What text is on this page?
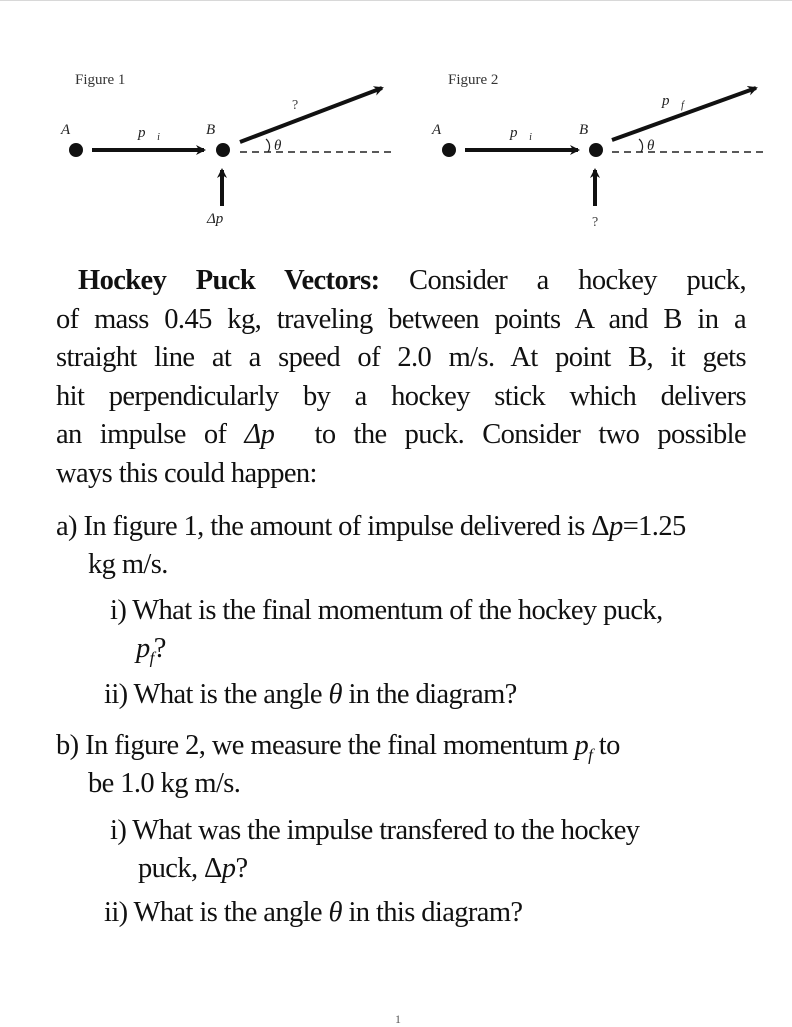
Figure 1
A	B
$p⃗_i$
Δp⃗
?
θ
Figure 2
A	B
$p⃗_i$
?
$p⃗_f$
θ
Hockey Puck Vectors: Consider a hockey puck,
of mass 0.45 kg, traveling between points A and B in a
straight line at a speed of 2.0 m/s. At point B, it gets
hit perpendicularly by a hockey stick which delivers
an impulse of Δp⃗ to the puck. Consider two possible
ways this could happen:
a) In figure 1, the amount of impulse delivered is Δp=1.25
kg m/s.
i) What is the final momentum of the hockey puck,
$p_f$?
ii) What is the angle θ in the diagram?
b) In figure 2, we measure the final momentum $p_f$ to
be 1.0 kg m/s.
i) What was the impulse transfered to the hockey
puck, Δp?
ii) What is the angle θ in this diagram?
1
